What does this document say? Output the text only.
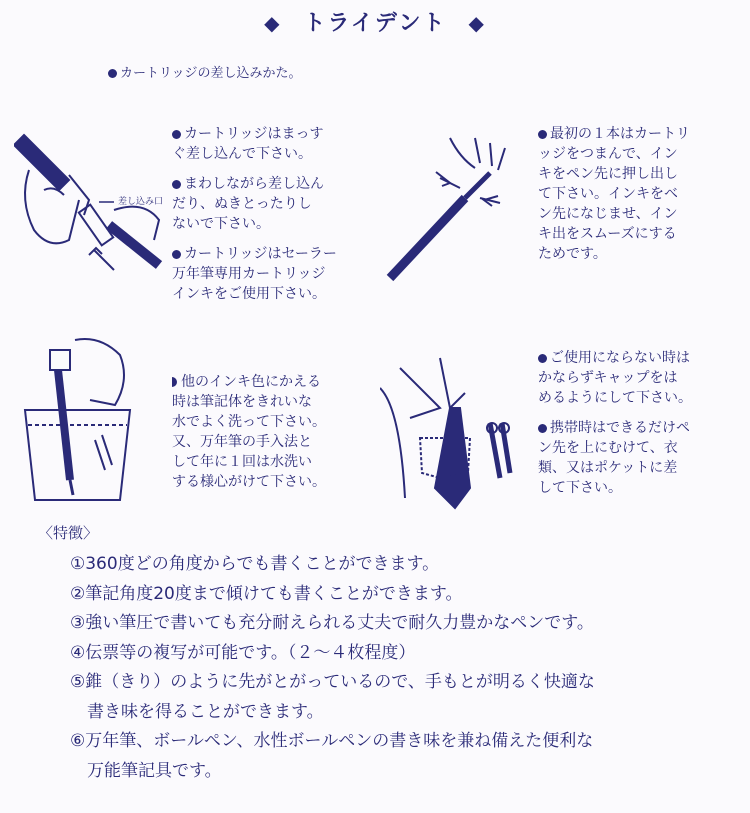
◆ トライデント ◆
カートリッジの差し込みかた。
差し込み口

カートリッジはまっす
ぐ差し込んで下さい。

まわしながら差し込ん
だり、ぬきとったりし
ないで下さい。

カートリッジはセーラー
万年筆専用カートリッジ
インキをご使用下さい。

最初の１本はカートリ
ッジをつまんで、イン
キをペン先に押し出し
て下さい。インキをベ
ン先になじませ、イン
キ出をスムーズにする
ためです。

他のインキ色にかえる
時は筆記体をきれいな
水でよく洗って下さい。
又、万年筆の手入法と
して年に１回は水洗い
する様心がけて下さい。

ご使用にならない時は
かならずキャップをは
めるようにして下さい。

携帯時はできるだけペ
ン先を上にむけて、衣
類、又はポケットに差
して下さい。

〈特徴〉
①360度どの角度からでも書くことができます。
②筆記角度20度まで傾けても書くことができます。
③強い筆圧で書いても充分耐えられる丈夫で耐久力豊かなペンです。
④伝票等の複写が可能です。（２～４枚程度）
⑤錐（きり）のように先がとがっているので、手もとが明るく快適な
書き味を得ることができます。
⑥万年筆、ボールペン、水性ボールペンの書き味を兼ね備えた便利な
万能筆記具です。
